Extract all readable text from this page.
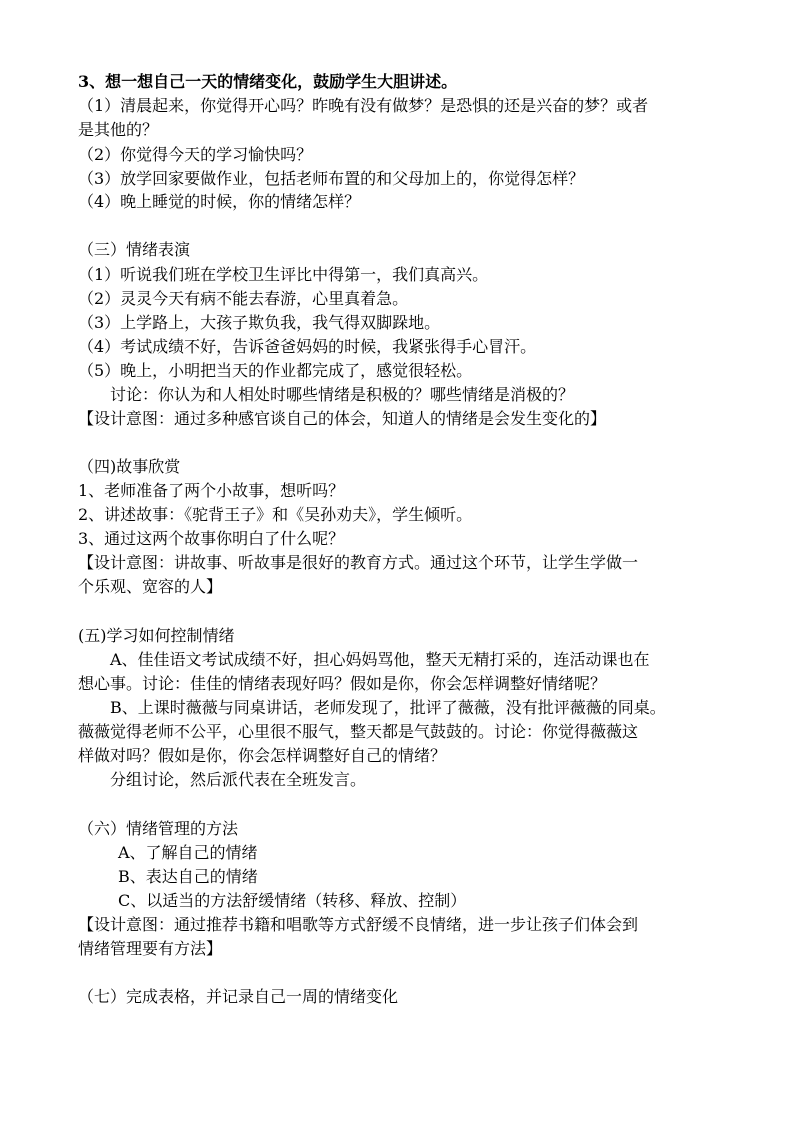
3、想一想自己一天的情绪变化，鼓励学生大胆讲述。
（1）清晨起来，你觉得开心吗？昨晚有没有做梦？是恐惧的还是兴奋的梦？或者
是其他的？
（2）你觉得今天的学习愉快吗？
（3）放学回家要做作业，包括老师布置的和父母加上的，你觉得怎样？
（4）晚上睡觉的时候，你的情绪怎样？
（三）情绪表演
（1）听说我们班在学校卫生评比中得第一，我们真高兴。
（2）灵灵今天有病不能去春游，心里真着急。
（3）上学路上，大孩子欺负我，我气得双脚跺地。
（4）考试成绩不好，告诉爸爸妈妈的时候，我紧张得手心冒汗。
（5）晚上，小明把当天的作业都完成了，感觉很轻松。
讨论：你认为和人相处时哪些情绪是积极的？哪些情绪是消极的？
【设计意图：通过多种感官谈自己的体会，知道人的情绪是会发生变化的】
（四)故事欣赏
1、老师准备了两个小故事，想听吗？
2、讲述故事：《驼背王子》和《吴孙劝夫》，学生倾听。
3、通过这两个故事你明白了什么呢？
【设计意图：讲故事、听故事是很好的教育方式。通过这个环节，让学生学做一
个乐观、宽容的人】
(五)学习如何控制情绪
A、佳佳语文考试成绩不好，担心妈妈骂他，整天无精打采的，连活动课也在
想心事。讨论：佳佳的情绪表现好吗？假如是你，你会怎样调整好情绪呢？
B、上课时薇薇与同桌讲话，老师发现了，批评了薇薇，没有批评薇薇的同桌。
薇薇觉得老师不公平，心里很不服气，整天都是气鼓鼓的。讨论：你觉得薇薇这
样做对吗？假如是你，你会怎样调整好自己的情绪？
分组讨论，然后派代表在全班发言。
（六）情绪管理的方法
A、了解自己的情绪
B、表达自己的情绪
C、以适当的方法舒缓情绪（转移、释放、控制）
【设计意图：通过推荐书籍和唱歌等方式舒缓不良情绪，进一步让孩子们体会到
情绪管理要有方法】
（七）完成表格，并记录自己一周的情绪变化
